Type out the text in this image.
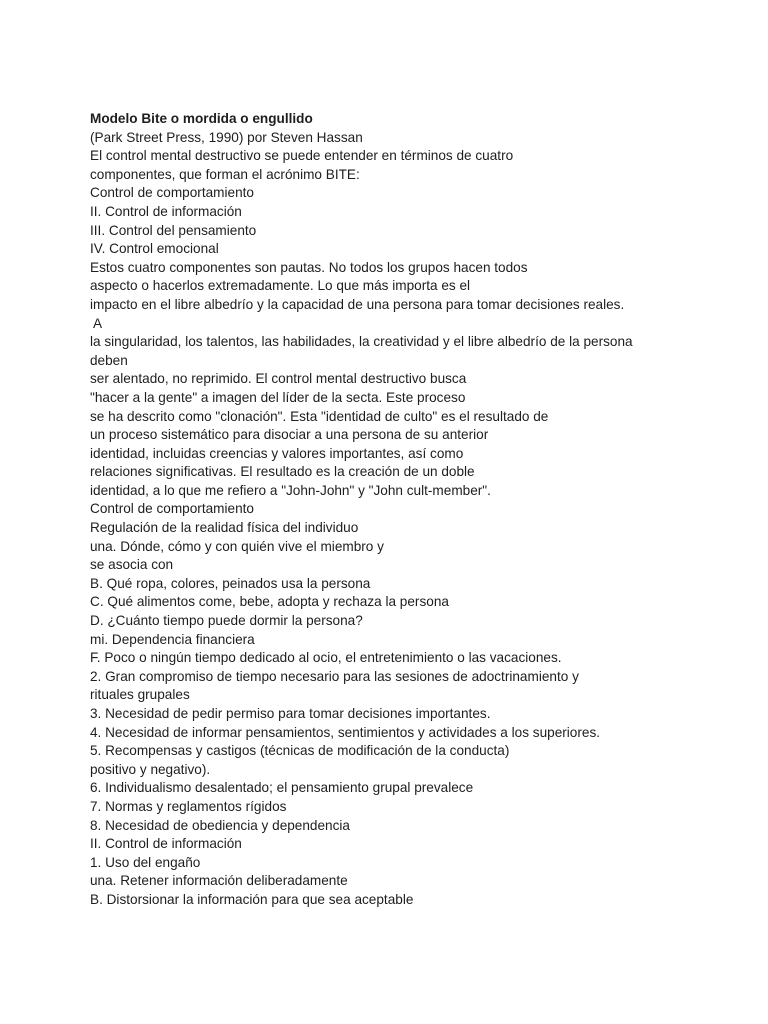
Modelo Bite o mordida o engullido
(Park Street Press, 1990) por Steven Hassan
El control mental destructivo se puede entender en términos de cuatro
componentes, que forman el acrónimo BITE:
Control de comportamiento
II. Control de información
III. Control del pensamiento
IV. Control emocional
Estos cuatro componentes son pautas. No todos los grupos hacen todos
aspecto o hacerlos extremadamente. Lo que más importa es el
impacto en el libre albedrío y la capacidad de una persona para tomar decisiones reales.
A
la singularidad, los talentos, las habilidades, la creatividad y el libre albedrío de la persona
deben
ser alentado, no reprimido. El control mental destructivo busca
"hacer a la gente" a imagen del líder de la secta. Este proceso
se ha descrito como "clonación". Esta "identidad de culto" es el resultado de
un proceso sistemático para disociar a una persona de su anterior
identidad, incluidas creencias y valores importantes, así como
relaciones significativas. El resultado es la creación de un doble
identidad, a lo que me refiero a "John-John" y "John cult-member".
Control de comportamiento
Regulación de la realidad física del individuo
una. Dónde, cómo y con quién vive el miembro y
se asocia con
B. Qué ropa, colores, peinados usa la persona
C. Qué alimentos come, bebe, adopta y rechaza la persona
D. ¿Cuánto tiempo puede dormir la persona?
mi. Dependencia financiera
F. Poco o ningún tiempo dedicado al ocio, el entretenimiento o las vacaciones.
2. Gran compromiso de tiempo necesario para las sesiones de adoctrinamiento y
rituales grupales
3. Necesidad de pedir permiso para tomar decisiones importantes.
4. Necesidad de informar pensamientos, sentimientos y actividades a los superiores.
5. Recompensas y castigos (técnicas de modificación de la conducta)
positivo y negativo).
6. Individualismo desalentado; el pensamiento grupal prevalece
7. Normas y reglamentos rígidos
8. Necesidad de obediencia y dependencia
II. Control de información
1. Uso del engaño
una. Retener información deliberadamente
B. Distorsionar la información para que sea aceptable
